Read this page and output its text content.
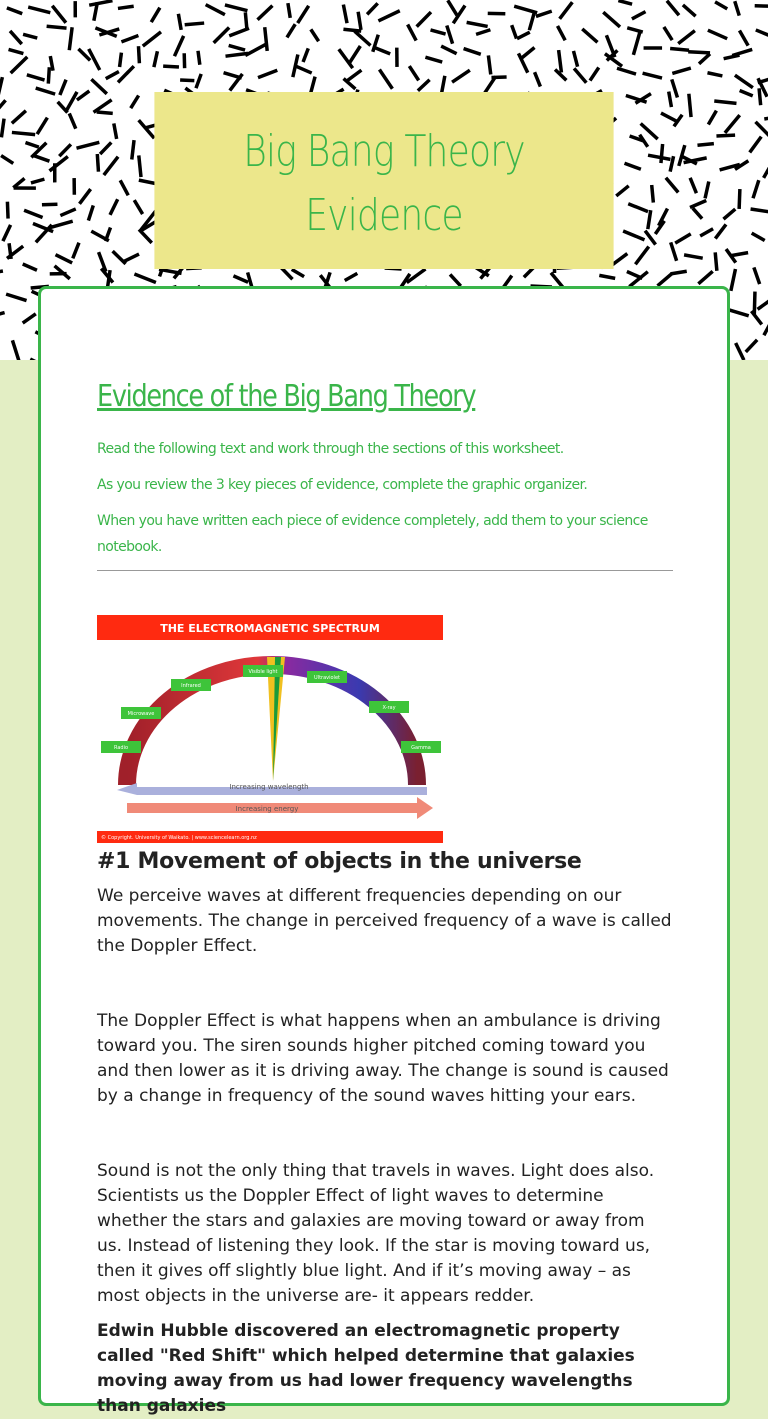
Big Bang Theory
Evidence
Evidence of the Big Bang Theory

Read the following text and work through the sections of this worksheet.

As you review the 3 key pieces of evidence, complete the graphic organizer.

When you have written each piece of evidence completely, add them to your science notebook.

THE ELECTROMAGNETIC SPECTRUM
Increasing wavelength
Increasing energy
Radio
Microwave
Infrared
Visible light
Ultraviolet
X-ray
Gamma
© Copyright. University of Waikato. | www.sciencelearn.org.nz
#1 Movement of objects in the universe

We perceive waves at different frequencies depending on our movements. The change in perceived frequency of a wave is called the Doppler Effect.

The Doppler Effect is what happens when an ambulance is driving toward you. The siren sounds higher pitched coming toward you and then lower as it is driving away. The change is sound is caused by a change in frequency of the sound waves hitting your ears.

Sound is not the only thing that travels in waves. Light does also. Scientists us the Doppler Effect of light waves to determine whether the stars and galaxies are moving toward or away from us. Instead of listening they look. If the star is moving toward us, then it gives off slightly blue light. And if it’s moving away – as most objects in the universe are- it appears redder.

Edwin Hubble discovered an electromagnetic property called "Red Shift" which helped determine that galaxies moving away from us had lower frequency wavelengths than galaxies
